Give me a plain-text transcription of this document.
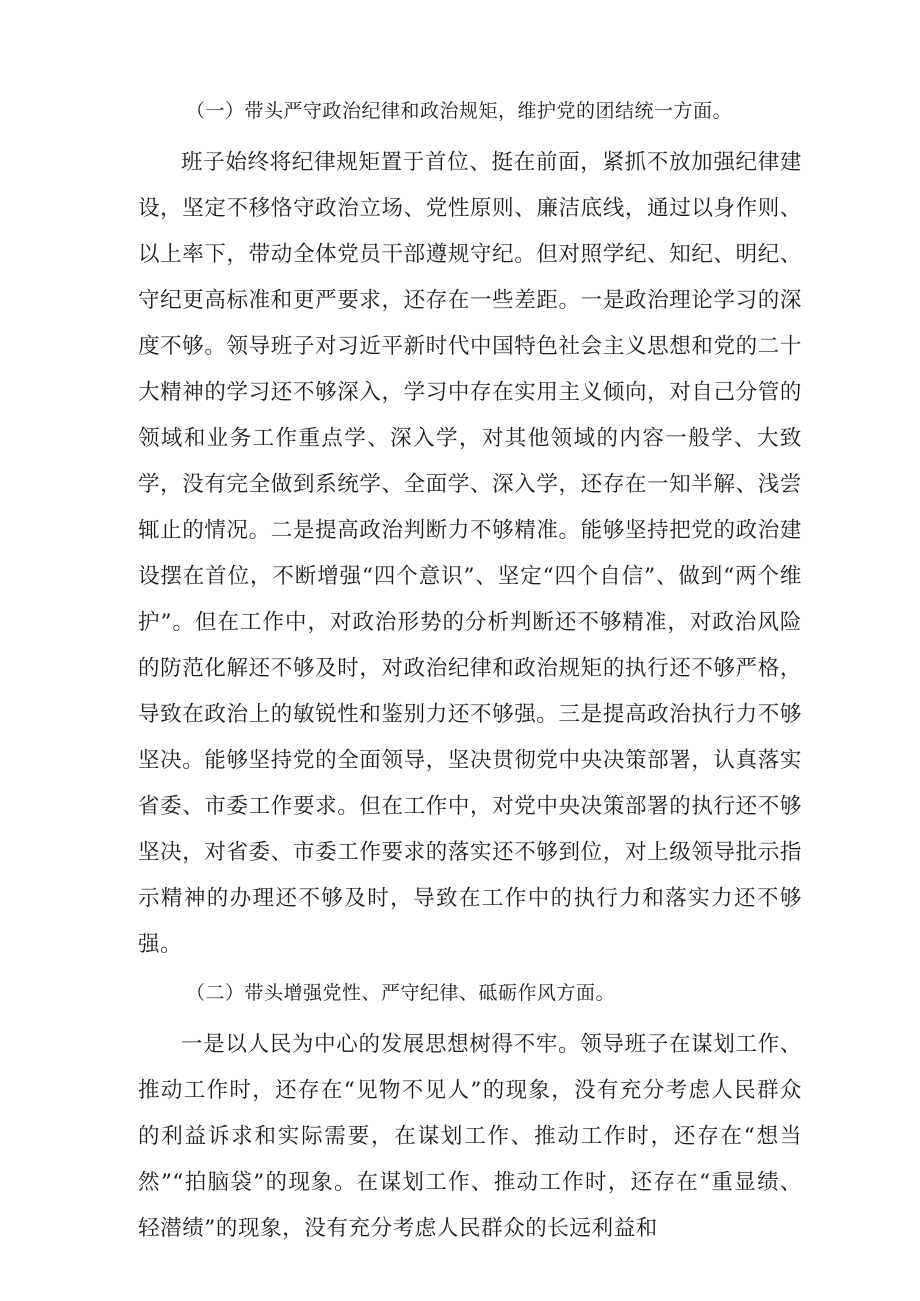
（一）带头严守政治纪律和政治规矩，维护党的团结统一方面。

班子始终将纪律规矩置于首位、挺在前面，紧抓不放加强纪律建设，坚定不移恪守政治立场、党性原则、廉洁底线，通过以身作则、以上率下，带动全体党员干部遵规守纪。但对照学纪、知纪、明纪、守纪更高标准和更严要求，还存在一些差距。一是政治理论学习的深度不够。领导班子对习近平新时代中国特色社会主义思想和党的二十大精神的学习还不够深入，学习中存在实用主义倾向，对自己分管的领域和业务工作重点学、深入学，对其他领域的内容一般学、大致学，没有完全做到系统学、全面学、深入学，还存在一知半解、浅尝辄止的情况。二是提高政治判断力不够精准。能够坚持把党的政治建设摆在首位，不断增强“四个意识”、坚定“四个自信”、做到“两个维护”。但在工作中，对政治形势的分析判断还不够精准，对政治风险的防范化解还不够及时，对政治纪律和政治规矩的执行还不够严格，导致在政治上的敏锐性和鉴别力还不够强。三是提高政治执行力不够坚决。能够坚持党的全面领导，坚决贯彻党中央决策部署，认真落实省委、市委工作要求。但在工作中，对党中央决策部署的执行还不够坚决，对省委、市委工作要求的落实还不够到位，对上级领导批示指示精神的办理还不够及时，导致在工作中的执行力和落实力还不够强。

（二）带头增强党性、严守纪律、砥砺作风方面。

一是以人民为中心的发展思想树得不牢。领导班子在谋划工作、推动工作时，还存在“见物不见人”的现象，没有充分考虑人民群众的利益诉求和实际需要，在谋划工作、推动工作时，还存在“想当然”“拍脑袋”的现象。在谋划工作、推动工作时，还存在“重显绩、轻潜绩”的现象，没有充分考虑人民群众的长远利益和
